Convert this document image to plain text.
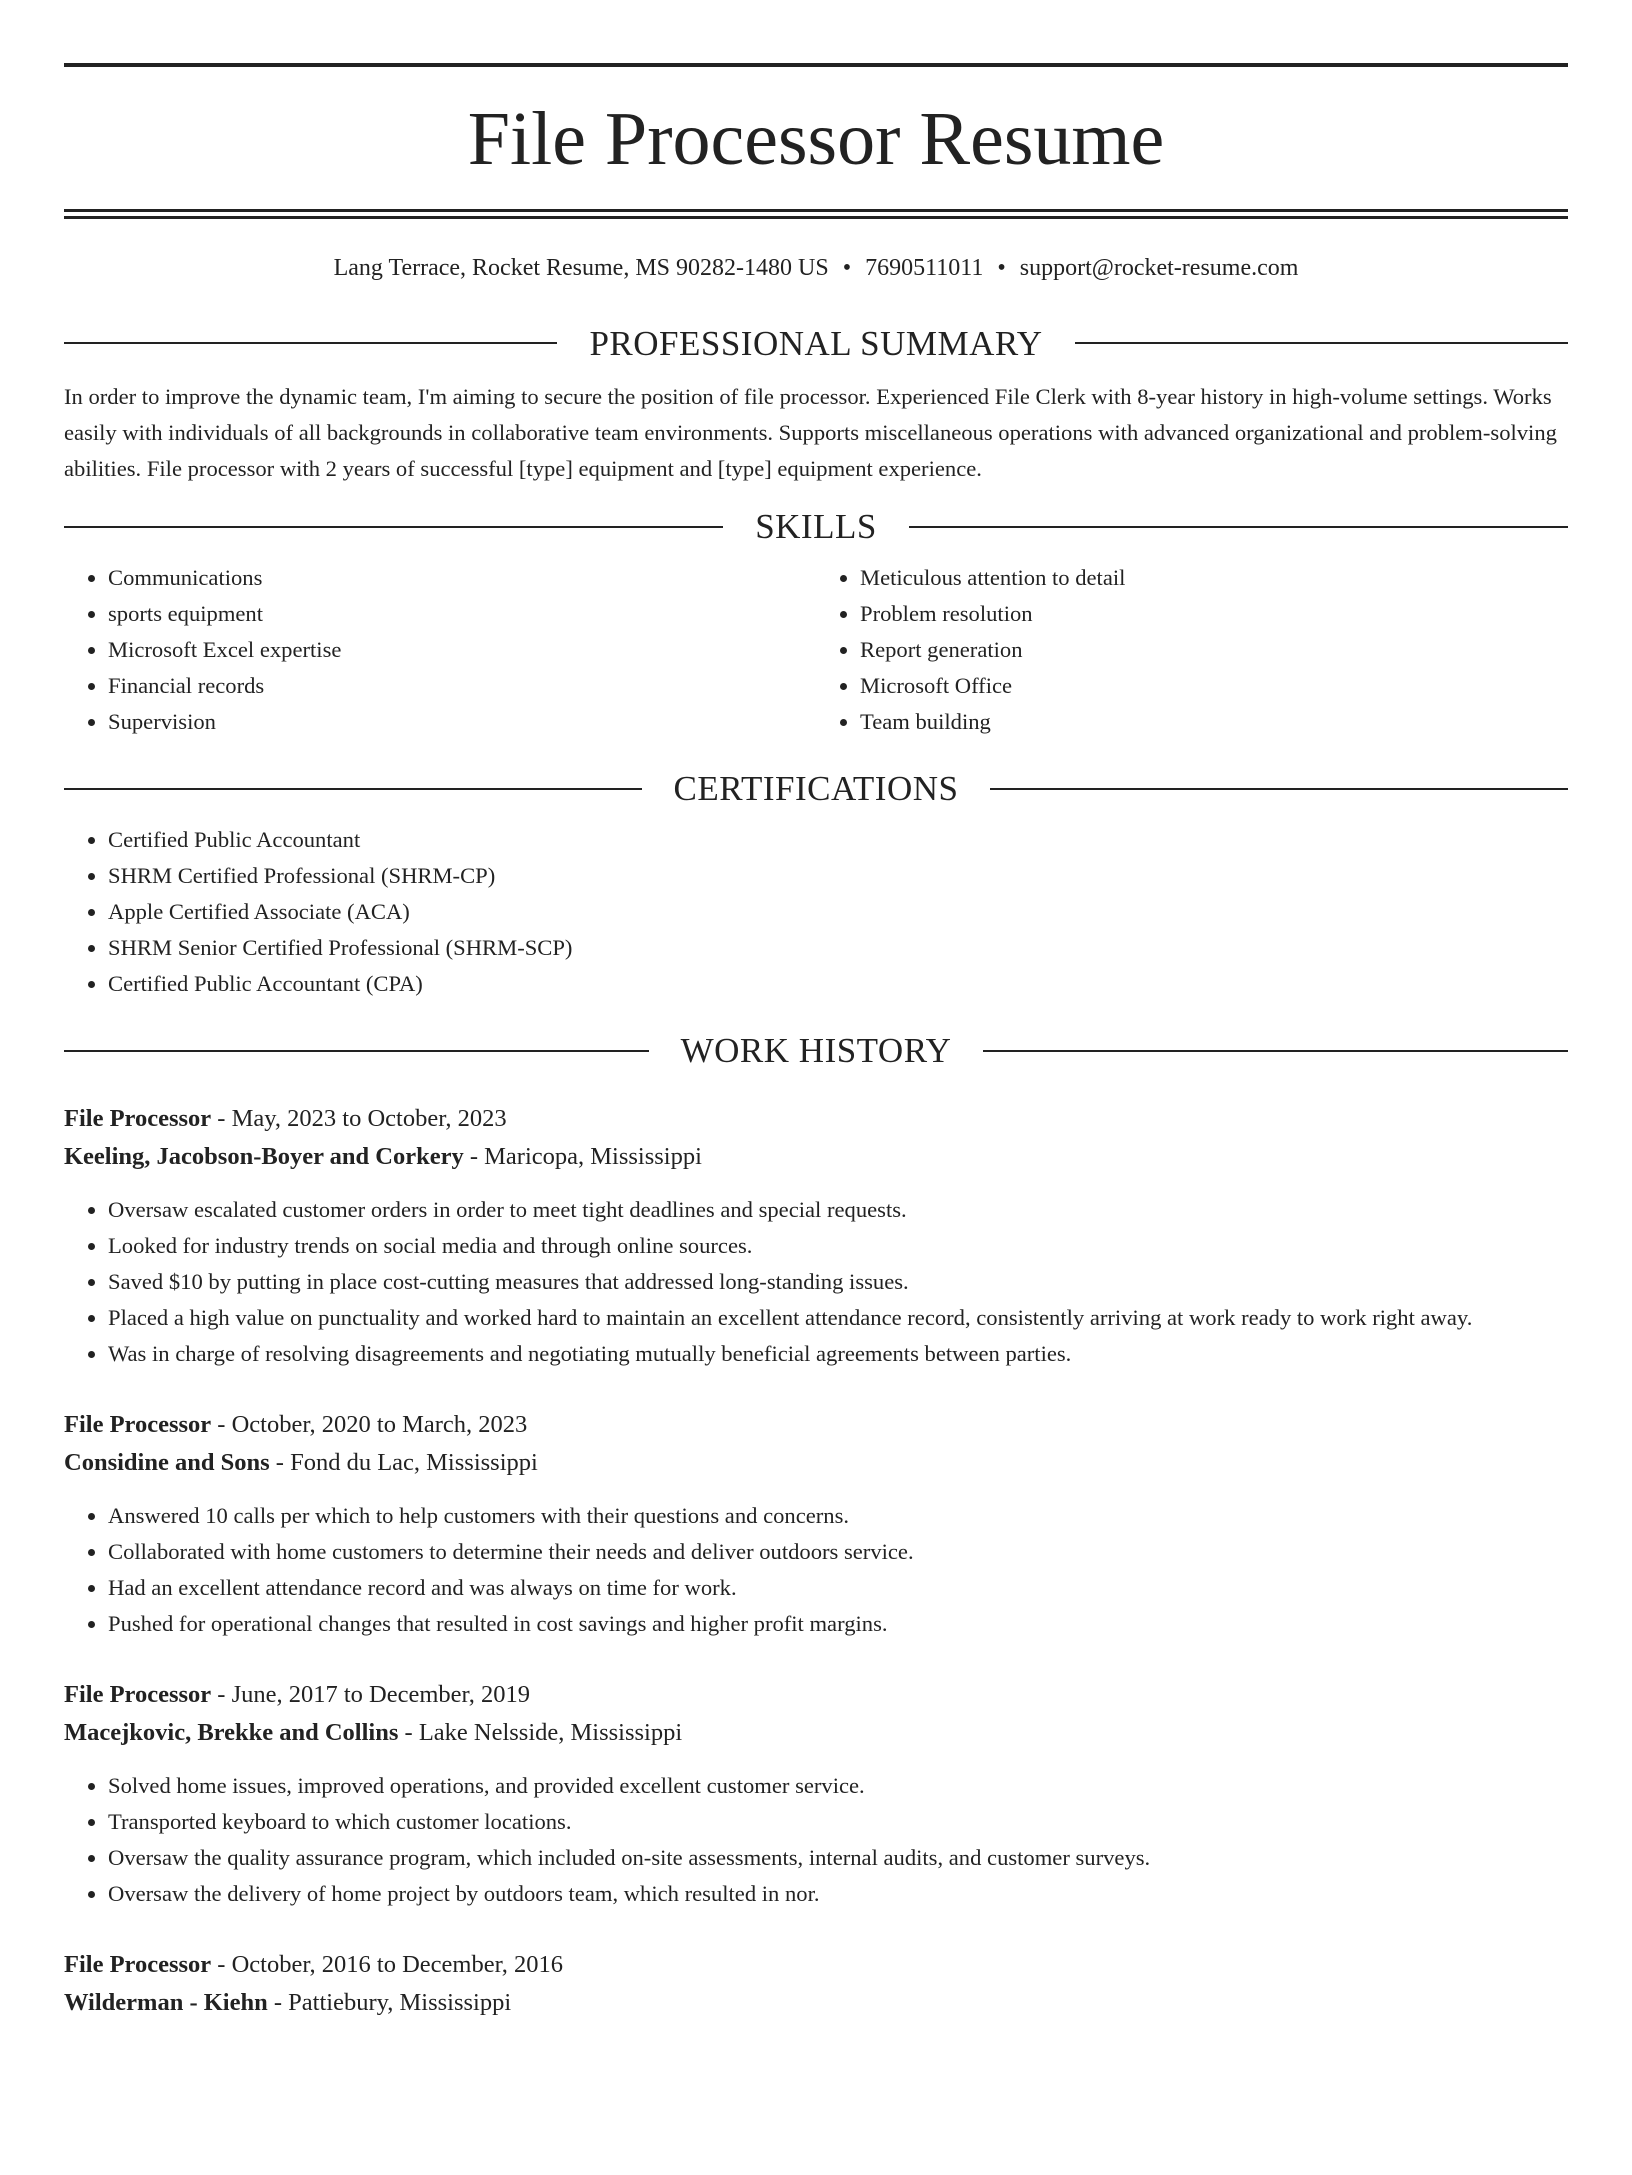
File Processor Resume
Lang Terrace, Rocket Resume, MS 90282-1480 US • 7690511011 • support@rocket-resume.com
PROFESSIONAL SUMMARY

In order to improve the dynamic team, I'm aiming to secure the position of file processor. Experienced File Clerk with 8-year history in high-volume settings. Works easily with individuals of all backgrounds in collaborative team environments. Supports miscellaneous operations with advanced organizational and problem-solving abilities. File processor with 2 years of successful [type] equipment and [type] equipment experience.

SKILLS
• Communications
• sports equipment
• Microsoft Excel expertise
• Financial records
• Supervision
• Meticulous attention to detail
• Problem resolution
• Report generation
• Microsoft Office
• Team building
CERTIFICATIONS
• Certified Public Accountant
• SHRM Certified Professional (SHRM-CP)
• Apple Certified Associate (ACA)
• SHRM Senior Certified Professional (SHRM-SCP)
• Certified Public Accountant (CPA)
WORK HISTORY
File Processor - May, 2023 to October, 2023
Keeling, Jacobson-Boyer and Corkery - Maricopa, Mississippi
• Oversaw escalated customer orders in order to meet tight deadlines and special requests.
• Looked for industry trends on social media and through online sources.
• Saved $10 by putting in place cost-cutting measures that addressed long-standing issues.
• Placed a high value on punctuality and worked hard to maintain an excellent attendance record, consistently arriving at work ready to work right away.
• Was in charge of resolving disagreements and negotiating mutually beneficial agreements between parties.
File Processor - October, 2020 to March, 2023
Considine and Sons - Fond du Lac, Mississippi
• Answered 10 calls per which to help customers with their questions and concerns.
• Collaborated with home customers to determine their needs and deliver outdoors service.
• Had an excellent attendance record and was always on time for work.
• Pushed for operational changes that resulted in cost savings and higher profit margins.
File Processor - June, 2017 to December, 2019
Macejkovic, Brekke and Collins - Lake Nelsside, Mississippi
• Solved home issues, improved operations, and provided excellent customer service.
• Transported keyboard to which customer locations.
• Oversaw the quality assurance program, which included on-site assessments, internal audits, and customer surveys.
• Oversaw the delivery of home project by outdoors team, which resulted in nor.
File Processor - October, 2016 to December, 2016
Wilderman - Kiehn - Pattiebury, Mississippi
